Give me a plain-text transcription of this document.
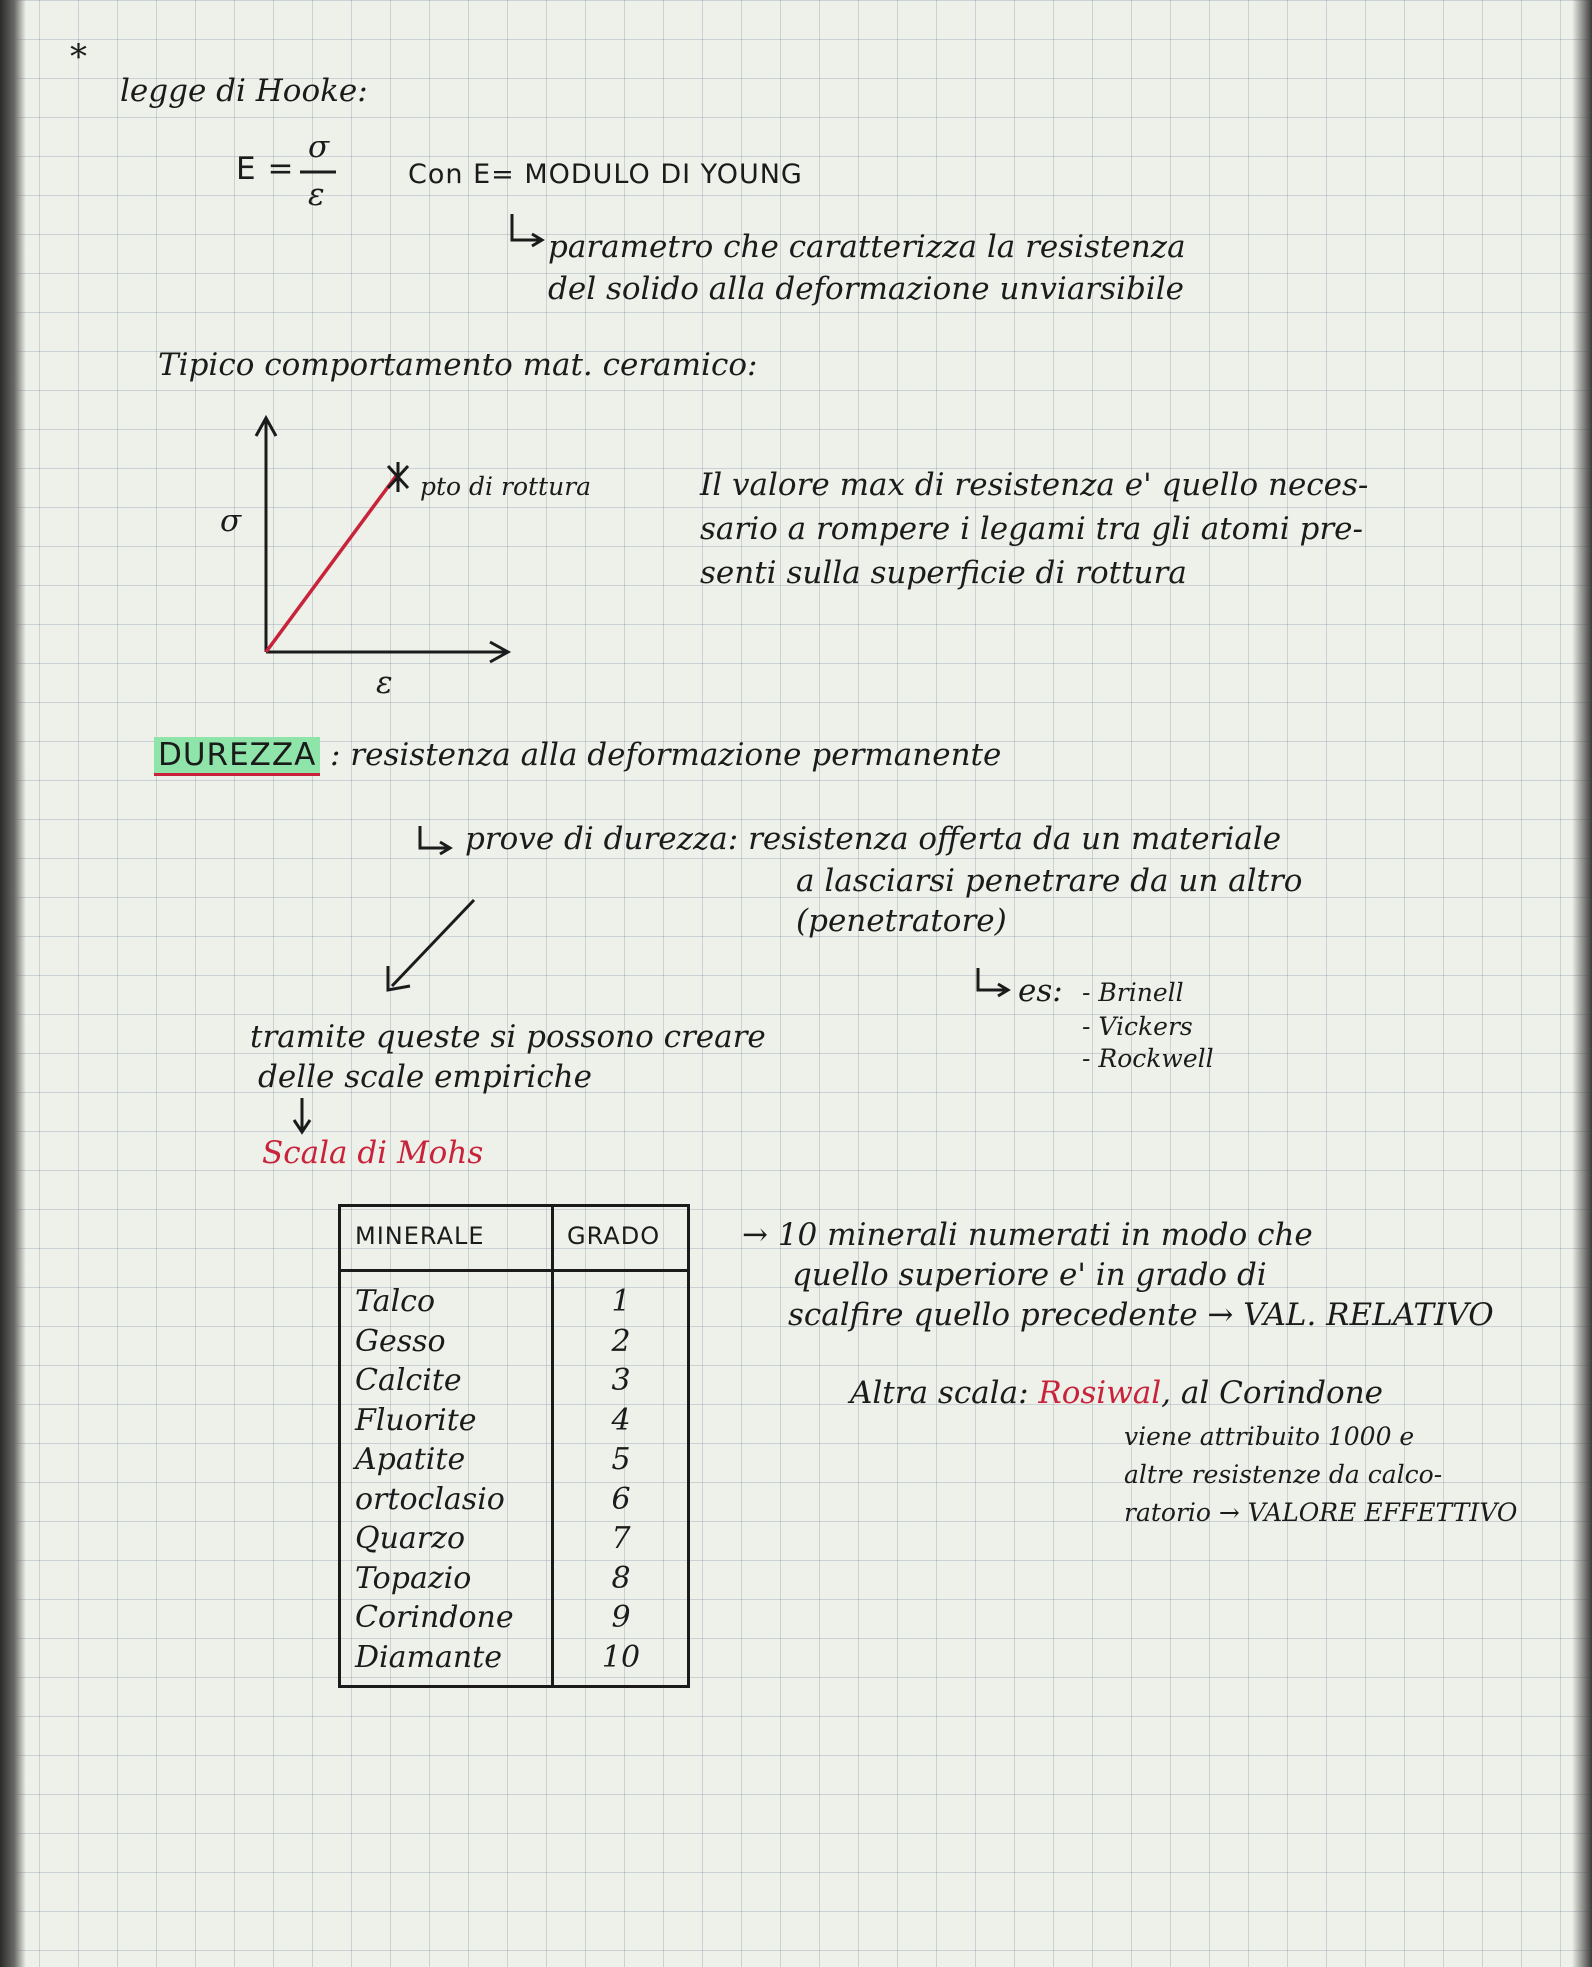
*
legge di Hooke:
E =
σ
ε
Con E= MODULO DI YOUNG
parametro che caratterizza la resistenza
del solido alla deformazione unviarsibile
Tipico comportamento mat. ceramico:
σ
ε
pto di rottura	Il valore max di resistenza e' quello neces-
sario a rompere i legami tra gli atomi pre-
senti sulla superficie di rottura
DUREZZA : resistenza alla deformazione permanente
prove di durezza: resistenza offerta da un materiale
a lasciarsi penetrare da un altro
(penetratore)
es: - Brinell
- Vickers
- Rockwell
tramite queste si possono creare
delle scale empiriche
Scala di Mohs
MINERALE	GRADO
Talco	1
Gesso	2
Calcite	3
Fluorite	4
Apatite	5
ortoclasio	6
Quarzo	7
Topazio	8
Corindone	9
Diamante	10
→ 10 minerali numerati in modo che
quello superiore e' in grado di
scalfire quello precedente → VAL. RELATIVO
Altra scala: Rosiwal, al Corindone
viene attribuito 1000 e
altre resistenze da calco-
ratorio → VALORE EFFETTIVO
